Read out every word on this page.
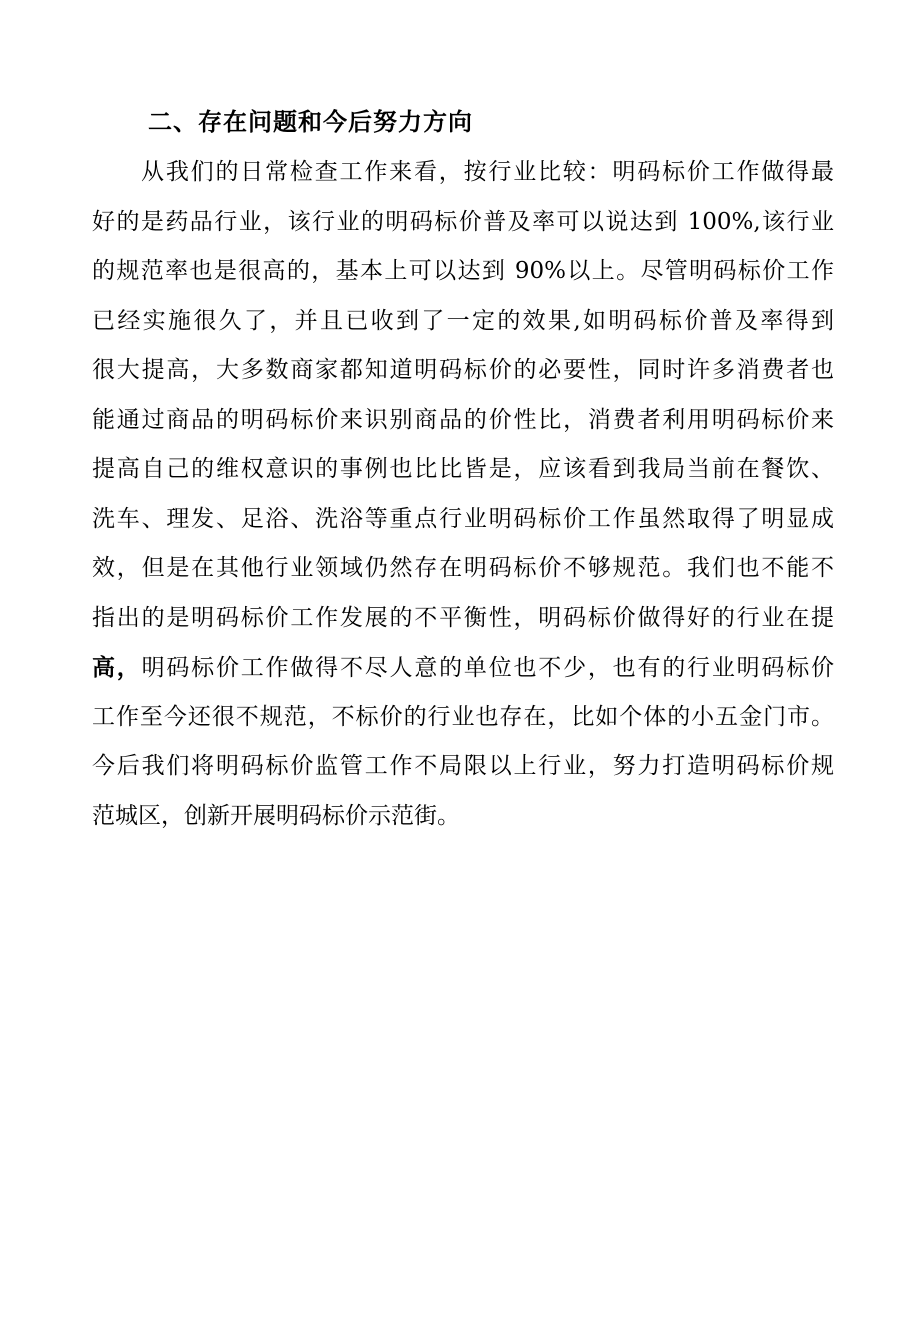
二、存在问题和今后努力方向
从我们的日常检查工作来看，按行业比较：明码标价工作做得最
好的是药品行业，该行业的明码标价普及率可以说达到 100%,该行业
的规范率也是很高的，基本上可以达到 90%以上。尽管明码标价工作
已经实施很久了，并且已收到了一定的效果,如明码标价普及率得到
很大提高，大多数商家都知道明码标价的必要性，同时许多消费者也
能通过商品的明码标价来识别商品的价性比，消费者利用明码标价来
提高自己的维权意识的事例也比比皆是，应该看到我局当前在餐饮、
洗车、理发、足浴、洗浴等重点行业明码标价工作虽然取得了明显成
效，但是在其他行业领域仍然存在明码标价不够规范。我们也不能不
指出的是明码标价工作发展的不平衡性，明码标价做得好的行业在提
高，明码标价工作做得不尽人意的单位也不少，也有的行业明码标价
工作至今还很不规范，不标价的行业也存在，比如个体的小五金门市。
今后我们将明码标价监管工作不局限以上行业，努力打造明码标价规
范城区，创新开展明码标价示范街。
